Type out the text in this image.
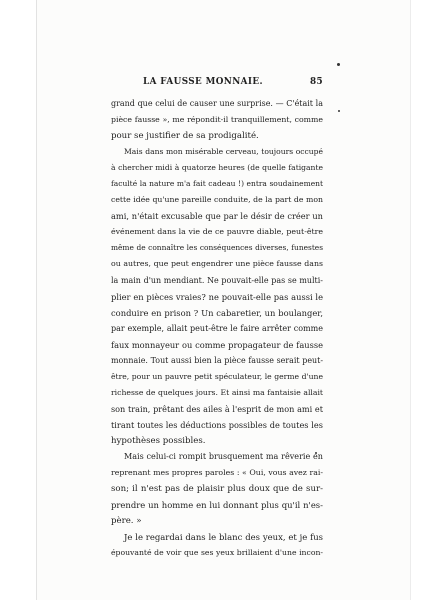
LA FAUSSE MONNAIE.	85
grand que celui de causer une surprise. — C'était la
pièce fausse », me répondit-il tranquillement, comme
pour se justifier de sa prodigalité.
Mais dans mon misérable cerveau, toujours occupé
à chercher midi à quatorze heures (de quelle fatigante
faculté la nature m'a fait cadeau !) entra soudainement
cette idée qu'une pareille conduite, de la part de mon
ami, n'était excusable que par le désir de créer un
événement dans la vie de ce pauvre diable, peut-être
même de connaître les conséquences diverses, funestes
ou autres, que peut engendrer une pièce fausse dans
la main d'un mendiant. Ne pouvait-elle pas se multi-
plier en pièces vraies? ne pouvait-elle pas aussi le
conduire en prison ? Un cabaretier, un boulanger,
par exemple, allait peut-être le faire arrêter comme
faux monnayeur ou comme propagateur de fausse
monnaie. Tout aussi bien la pièce fausse serait peut-
être, pour un pauvre petit spéculateur, le germe d'une
richesse de quelques jours. Et ainsi ma fantaisie allait
son train, prêtant des ailes à l'esprit de mon ami et
tirant toutes les déductions possibles de toutes les
hypothèses possibles.
Mais celui-ci rompit brusquement ma rêverie en
reprenant mes propres paroles : « Oui, vous avez rai-
son; il n'est pas de plaisir plus doux que de sur-
prendre un homme en lui donnant plus qu'il n'es-
père. »
Je le regardai dans le blanc des yeux, et je fus
épouvanté de voir que ses yeux brillaient d'une incon-
